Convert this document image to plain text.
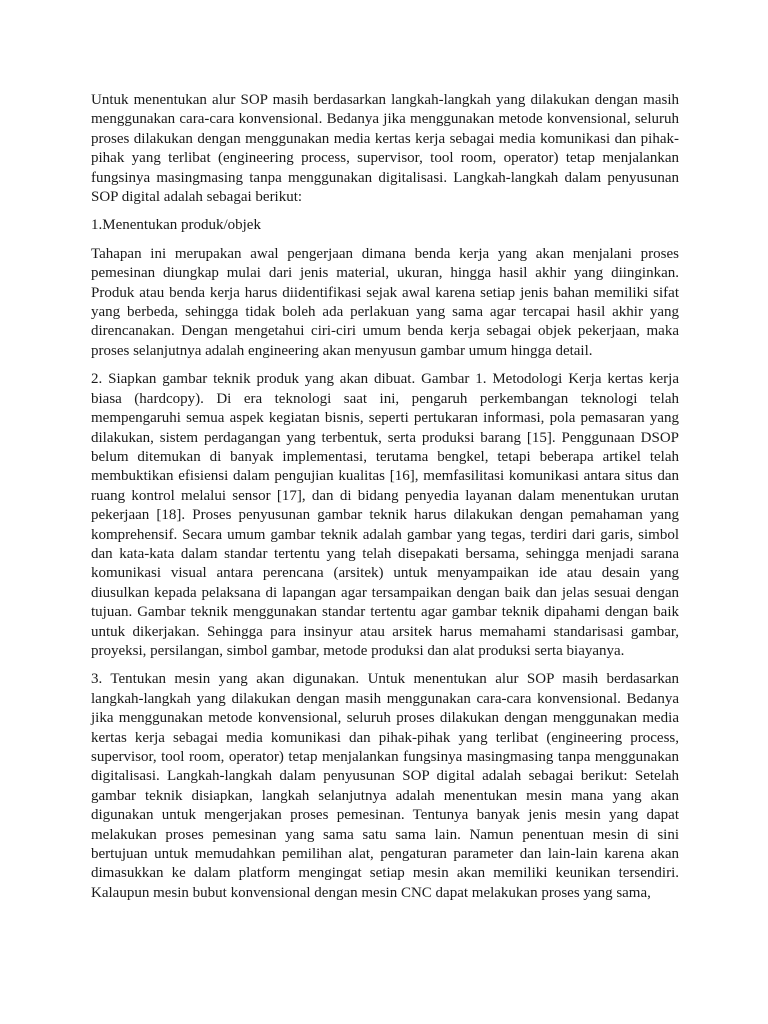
Untuk menentukan alur SOP masih berdasarkan langkah-langkah yang dilakukan dengan masih menggunakan cara-cara konvensional. Bedanya jika menggunakan metode konvensional, seluruh proses dilakukan dengan menggunakan media kertas kerja sebagai media komunikasi dan pihak-pihak yang terlibat (engineering process, supervisor, tool room, operator) tetap menjalankan fungsinya masingmasing tanpa menggunakan digitalisasi. Langkah-langkah dalam penyusunan SOP digital adalah sebagai berikut:

1.Menentukan produk/objek

Tahapan ini merupakan awal pengerjaan dimana benda kerja yang akan menjalani proses pemesinan diungkap mulai dari jenis material, ukuran, hingga hasil akhir yang diinginkan. Produk atau benda kerja harus diidentifikasi sejak awal karena setiap jenis bahan memiliki sifat yang berbeda, sehingga tidak boleh ada perlakuan yang sama agar tercapai hasil akhir yang direncanakan. Dengan mengetahui ciri-ciri umum benda kerja sebagai objek pekerjaan, maka proses selanjutnya adalah engineering akan menyusun gambar umum hingga detail.

2. Siapkan gambar teknik produk yang akan dibuat. Gambar 1. Metodologi Kerja kertas kerja biasa (hardcopy). Di era teknologi saat ini, pengaruh perkembangan teknologi telah mempengaruhi semua aspek kegiatan bisnis, seperti pertukaran informasi, pola pemasaran yang dilakukan, sistem perdagangan yang terbentuk, serta produksi barang [15]. Penggunaan DSOP belum ditemukan di banyak implementasi, terutama bengkel, tetapi beberapa artikel telah membuktikan efisiensi dalam pengujian kualitas [16], memfasilitasi komunikasi antara situs dan ruang kontrol melalui sensor [17], dan di bidang penyedia layanan dalam menentukan urutan pekerjaan [18]. Proses penyusunan gambar teknik harus dilakukan dengan pemahaman yang komprehensif. Secara umum gambar teknik adalah gambar yang tegas, terdiri dari garis, simbol dan kata-kata dalam standar tertentu yang telah disepakati bersama, sehingga menjadi sarana komunikasi visual antara perencana (arsitek) untuk menyampaikan ide atau desain yang diusulkan kepada pelaksana di lapangan agar tersampaikan dengan baik dan jelas sesuai dengan tujuan. Gambar teknik menggunakan standar tertentu agar gambar teknik dipahami dengan baik untuk dikerjakan. Sehingga para insinyur atau arsitek harus memahami standarisasi gambar, proyeksi, persilangan, simbol gambar, metode produksi dan alat produksi serta biayanya.

3. Tentukan mesin yang akan digunakan. Untuk menentukan alur SOP masih berdasarkan langkah-langkah yang dilakukan dengan masih menggunakan cara-cara konvensional. Bedanya jika menggunakan metode konvensional, seluruh proses dilakukan dengan menggunakan media kertas kerja sebagai media komunikasi dan pihak-pihak yang terlibat (engineering process, supervisor, tool room, operator) tetap menjalankan fungsinya masingmasing tanpa menggunakan digitalisasi. Langkah-langkah dalam penyusunan SOP digital adalah sebagai berikut: Setelah gambar teknik disiapkan, langkah selanjutnya adalah menentukan mesin mana yang akan digunakan untuk mengerjakan proses pemesinan. Tentunya banyak jenis mesin yang dapat melakukan proses pemesinan yang sama satu sama lain. Namun penentuan mesin di sini bertujuan untuk memudahkan pemilihan alat, pengaturan parameter dan lain-lain karena akan dimasukkan ke dalam platform mengingat setiap mesin akan memiliki keunikan tersendiri. Kalaupun mesin bubut konvensional dengan mesin CNC dapat melakukan proses yang sama,
